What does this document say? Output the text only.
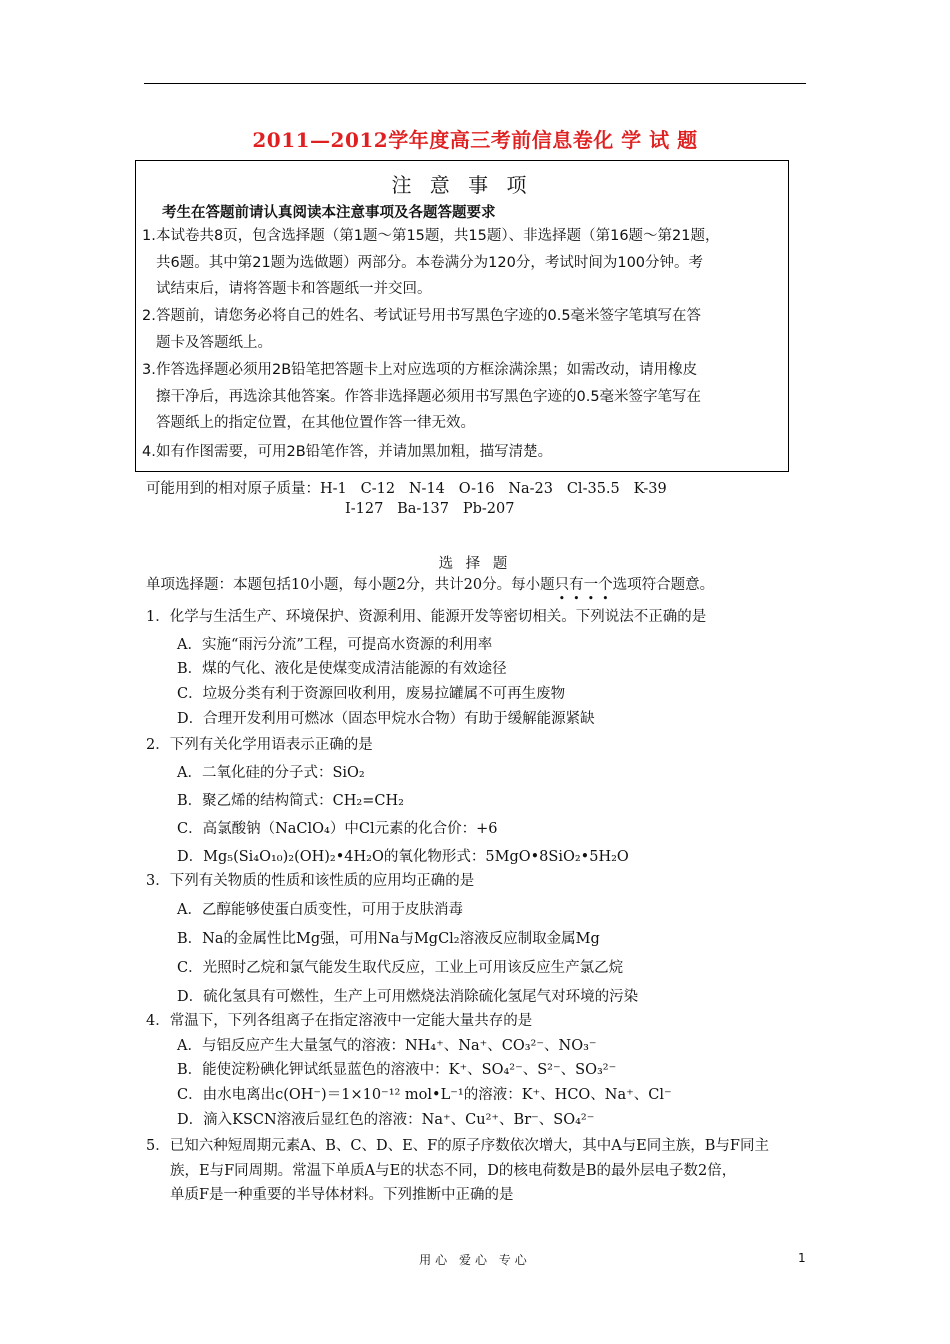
2011—2012学年度高三考前信息卷化 学 试 题
注 意 事 项
考生在答题前请认真阅读本注意事项及各题答题要求
1. 本试卷共8页，包含选择题（第1题～第15题，共15题）、非选择题（第16题～第21题，
共6题。其中第21题为选做题）两部分。本卷满分为120分，考试时间为100分钟。考
试结束后，请将答题卡和答题纸一并交回。
2. 答题前，请您务必将自己的姓名、考试证号用书写黑色字迹的0.5毫米签字笔填写在答
题卡及答题纸上。
3. 作答选择题必须用2B铅笔把答题卡上对应选项的方框涂满涂黑；如需改动，请用橡皮
擦干净后，再选涂其他答案。作答非选择题必须用书写黑色字迹的0.5毫米签字笔写在
答题纸上的指定位置，在其他位置作答一律无效。
4. 如有作图需要，可用2B铅笔作答，并请加黑加粗，描写清楚。
可能用到的相对原子质量：H-1   C-12   N-14   O-16   Na-23   Cl-35.5   K-39
I-127   Ba-137   Pb-207
选 择 题
单项选择题：本题包括10小题，每小题2分，共计20分。每小题只有一个选项符合题意。
1．化学与生活生产、环境保护、资源利用、能源开发等密切相关。下列说法不正确的是
A．实施“雨污分流”工程，可提高水资源的利用率
B．煤的气化、液化是使煤变成清洁能源的有效途径
C．垃圾分类有利于资源回收利用，废易拉罐属不可再生废物
D．合理开发利用可燃冰（固态甲烷水合物）有助于缓解能源紧缺
2．下列有关化学用语表示正确的是
A．二氧化硅的分子式：SiO₂
B．聚乙烯的结构简式：CH₂=CH₂
C．高氯酸钠（NaClO₄）中Cl元素的化合价：+6
D．Mg₅(Si₄O₁₀)₂(OH)₂•4H₂O的氧化物形式：5MgO•8SiO₂•5H₂O
3．下列有关物质的性质和该性质的应用均正确的是
A．乙醇能够使蛋白质变性，可用于皮肤消毒
B．Na的金属性比Mg强，可用Na与MgCl₂溶液反应制取金属Mg
C．光照时乙烷和氯气能发生取代反应，工业上可用该反应生产氯乙烷
D．硫化氢具有可燃性，生产上可用燃烧法消除硫化氢尾气对环境的污染
4．常温下，下列各组离子在指定溶液中一定能大量共存的是
A．与铝反应产生大量氢气的溶液：NH₄⁺、Na⁺、CO₃²⁻、NO₃⁻
B．能使淀粉碘化钾试纸显蓝色的溶液中：K⁺、SO₄²⁻、S²⁻、SO₃²⁻
C．由水电离出c(OH⁻)＝1×10⁻¹² mol•L⁻¹的溶液：K⁺、HCO、Na⁺、Cl⁻
D．滴入KSCN溶液后显红色的溶液：Na⁺、Cu²⁺、Br⁻、SO₄²⁻
5．已知六种短周期元素A、B、C、D、E、F的原子序数依次增大，其中A与E同主族，B与F同主
族，E与F同周期。常温下单质A与E的状态不同，D的核电荷数是B的最外层电子数2倍，
单质F是一种重要的半导体材料。下列推断中正确的是
用心 爱心 专心	1
